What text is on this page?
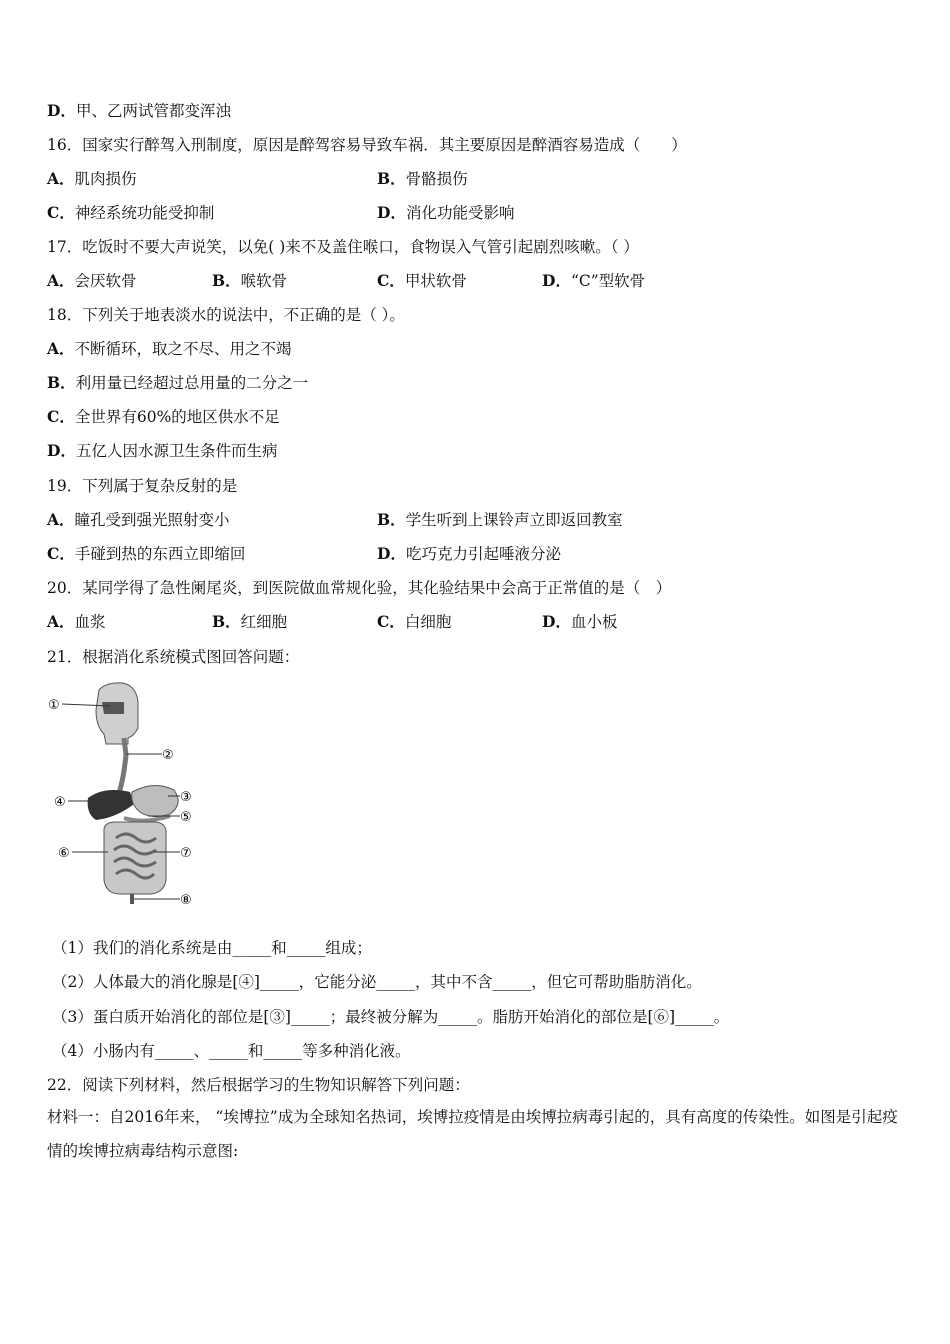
D．甲、乙两试管都变浑浊
16．国家实行醉驾入刑制度，原因是醉驾容易导致车祸．其主要原因是醉酒容易造成（　　）
A．肌肉损伤	B．骨骼损伤
C．神经系统功能受抑制	D．消化功能受影响
17．吃饭时不要大声说笑，以免( )来不及盖住喉口，食物误入气管引起剧烈咳嗽。（ ）
A．会厌软骨	B．喉软骨	C．甲状软骨	D．“C”型软骨
18．下列关于地表淡水的说法中，不正确的是（ ）。
A．不断循环，取之不尽、用之不竭
B．利用量已经超过总用量的二分之一
C．全世界有60%的地区供水不足
D．五亿人因水源卫生条件而生病
19．下列属于复杂反射的是
A．瞳孔受到强光照射变小	B．学生听到上课铃声立即返回教室
C．手碰到热的东西立即缩回	D．吃巧克力引起唾液分泌
20．某同学得了急性阑尾炎，到医院做血常规化验，其化验结果中会高于正常值的是（　）
A．血浆	B．红细胞	C．白细胞	D．血小板
21．根据消化系统模式图回答问题：
①
②
③
④
⑤
⑥	⑦
⑧
（1）我们的消化系统是由_____和_____组成；
（2）人体最大的消化腺是[④]_____，它能分泌_____，其中不含_____，但它可帮助脂肪消化。
（3）蛋白质开始消化的部位是[③]_____；最终被分解为_____。脂肪开始消化的部位是[⑥]_____。
（4）小肠内有_____、_____和_____等多种消化液。
22．阅读下列材料，然后根据学习的生物知识解答下列问题：
材料一：自2016年来， “埃博拉”成为全球知名热词，埃博拉疫情是由埃博拉病毒引起的，具有高度的传染性。如图是引起疫情的埃博拉病毒结构示意图:
